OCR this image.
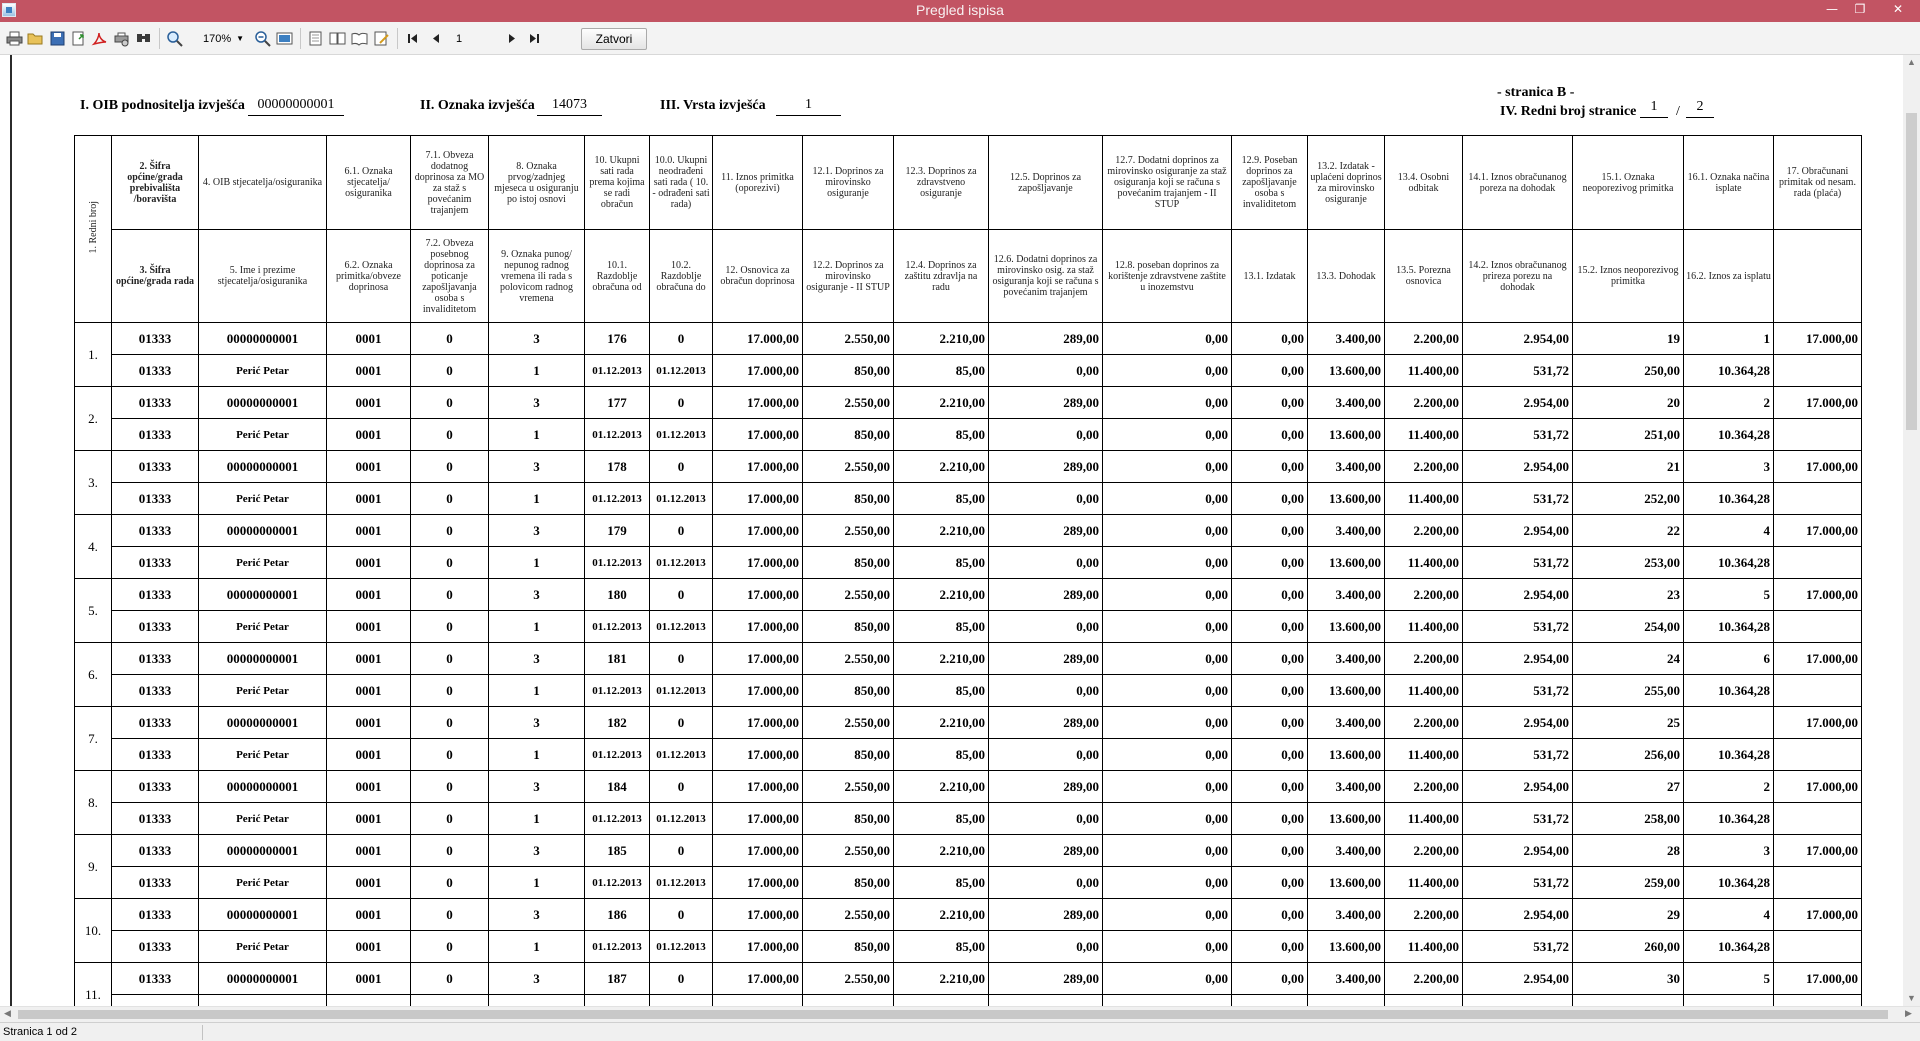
Pregled ispisa	—	❐	✕
170% ▼
1	Zatvori
I. OIB podnositelja izvješća 00000000001	II. Oznaka izvješća	14073	III. Vrsta izvješća	1
- stranica B -
IV. Redni broj stranice	1	/	2
1. Redni broj	2. Šifra općine/grada prebivališta /boravišta	4. OIB stjecatelja/osiguranika	6.1. Oznaka stjecatelja/ osiguranika	7.1. Obveza dodatnog doprinosa za MO za staž s povećanim trajanjem	8. Oznaka prvog/zadnjeg mjeseca u osiguranju po istoj osnovi	10. Ukupni sati rada prema kojima se radi obračun	10.0. Ukupni neodrađeni sati rada ( 10. - odrađeni sati rada)	11. Iznos primitka (oporezivi)	12.1. Doprinos za mirovinsko osiguranje	12.3. Doprinos za zdravstveno osiguranje	12.5. Doprinos za zapošljavanje	12.7. Dodatni doprinos za mirovinsko osiguranje za staž osiguranja koji se računa s povećanim trajanjem - II STUP	12.9. Poseban doprinos za zapošljavanje osoba s invaliditetom	13.2. Izdatak - uplaćeni doprinos za mirovinsko osiguranje	13.4. Osobni odbitak	14.1. Iznos obračunanog poreza na dohodak	15.1. Oznaka neoporezivog primitka	16.1. Oznaka načina isplate	17. Obračunani primitak od nesam. rada (plaća)
	3. Šifra općine/grada rada	5. Ime i prezime stjecatelja/osiguranika	6.2. Oznaka primitka/obveze doprinosa	7.2. Obveza posebnog doprinosa za poticanje zapošljavanja osoba s invaliditetom	9. Oznaka punog/ nepunog radnog vremena ili rada s polovicom radnog vremena	10.1. Razdoblje obračuna od	10.2. Razdoblje obračuna do	12. Osnovica za obračun doprinosa	12.2. Doprinos za mirovinsko osiguranje - II STUP	12.4. Doprinos za zaštitu zdravlja na radu	12.6. Dodatni doprinos za mirovinsko osig. za staž osiguranja koji se računa s povećanim trajanjem	12.8. poseban doprinos za korištenje zdravstvene zaštite u inozemstvu	13.1. Izdatak	13.3. Dohodak	13.5. Porezna osnovica	14.2. Iznos obračunanog prireza porezu na dohodak	15.2. Iznos neoporezivog primitka	16.2. Iznos za isplatu	
1.	01333	00000000001	0001	0	3	176	0	17.000,00	2.550,00	2.210,00	289,00	0,00	0,00	3.400,00	2.200,00	2.954,00	19	1	17.000,00
	01333	Perić Petar	0001	0	1	01.12.2013	01.12.2013	17.000,00	850,00	85,00	0,00	0,00	0,00	13.600,00	11.400,00	531,72	250,00	10.364,28	
2.	01333	00000000001	0001	0	3	177	0	17.000,00	2.550,00	2.210,00	289,00	0,00	0,00	3.400,00	2.200,00	2.954,00	20	2	17.000,00
	01333	Perić Petar	0001	0	1	01.12.2013	01.12.2013	17.000,00	850,00	85,00	0,00	0,00	0,00	13.600,00	11.400,00	531,72	251,00	10.364,28	
3.	01333	00000000001	0001	0	3	178	0	17.000,00	2.550,00	2.210,00	289,00	0,00	0,00	3.400,00	2.200,00	2.954,00	21	3	17.000,00
	01333	Perić Petar	0001	0	1	01.12.2013	01.12.2013	17.000,00	850,00	85,00	0,00	0,00	0,00	13.600,00	11.400,00	531,72	252,00	10.364,28	
4.	01333	00000000001	0001	0	3	179	0	17.000,00	2.550,00	2.210,00	289,00	0,00	0,00	3.400,00	2.200,00	2.954,00	22	4	17.000,00
	01333	Perić Petar	0001	0	1	01.12.2013	01.12.2013	17.000,00	850,00	85,00	0,00	0,00	0,00	13.600,00	11.400,00	531,72	253,00	10.364,28	
5.	01333	00000000001	0001	0	3	180	0	17.000,00	2.550,00	2.210,00	289,00	0,00	0,00	3.400,00	2.200,00	2.954,00	23	5	17.000,00
	01333	Perić Petar	0001	0	1	01.12.2013	01.12.2013	17.000,00	850,00	85,00	0,00	0,00	0,00	13.600,00	11.400,00	531,72	254,00	10.364,28	
6.	01333	00000000001	0001	0	3	181	0	17.000,00	2.550,00	2.210,00	289,00	0,00	0,00	3.400,00	2.200,00	2.954,00	24	6	17.000,00
	01333	Perić Petar	0001	0	1	01.12.2013	01.12.2013	17.000,00	850,00	85,00	0,00	0,00	0,00	13.600,00	11.400,00	531,72	255,00	10.364,28	
7.	01333	00000000001	0001	0	3	182	0	17.000,00	2.550,00	2.210,00	289,00	0,00	0,00	3.400,00	2.200,00	2.954,00	25		17.000,00
	01333	Perić Petar	0001	0	1	01.12.2013	01.12.2013	17.000,00	850,00	85,00	0,00	0,00	0,00	13.600,00	11.400,00	531,72	256,00	10.364,28	
8.	01333	00000000001	0001	0	3	184	0	17.000,00	2.550,00	2.210,00	289,00	0,00	0,00	3.400,00	2.200,00	2.954,00	27	2	17.000,00
	01333	Perić Petar	0001	0	1	01.12.2013	01.12.2013	17.000,00	850,00	85,00	0,00	0,00	0,00	13.600,00	11.400,00	531,72	258,00	10.364,28	
9.	01333	00000000001	0001	0	3	185	0	17.000,00	2.550,00	2.210,00	289,00	0,00	0,00	3.400,00	2.200,00	2.954,00	28	3	17.000,00
	01333	Perić Petar	0001	0	1	01.12.2013	01.12.2013	17.000,00	850,00	85,00	0,00	0,00	0,00	13.600,00	11.400,00	531,72	259,00	10.364,28	
10.	01333	00000000001	0001	0	3	186	0	17.000,00	2.550,00	2.210,00	289,00	0,00	0,00	3.400,00	2.200,00	2.954,00	29	4	17.000,00
	01333	Perić Petar	0001	0	1	01.12.2013	01.12.2013	17.000,00	850,00	85,00	0,00	0,00	0,00	13.600,00	11.400,00	531,72	260,00	10.364,28	
11.	01333	00000000001	0001	0	3	187	0	17.000,00	2.550,00	2.210,00	289,00	0,00	0,00	3.400,00	2.200,00	2.954,00	30	5	17.000,00

▲
▼
◀	▶
Stranica 1 od 2
